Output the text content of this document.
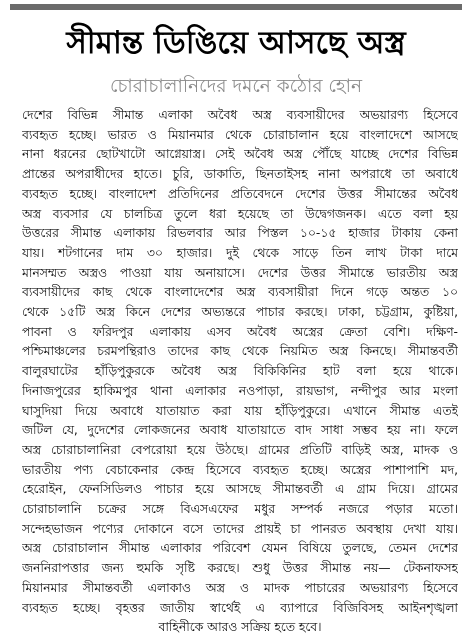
সীমান্ত ডিঙিয়ে আসছে অস্ত্র
চোরাচালানিদের দমনে কঠোর হোন
দেশের বিভিন্ন সীমান্ত এলাকা অবৈধ অস্ত্র ব্যবসায়ীদের অভয়ারণ্য হিসেবে
ব্যবহৃত হচ্ছে। ভারত ও মিয়ানমার থেকে চোরাচালান হয়ে বাংলাদেশে আসছে
নানা ধরনের ছোটখাটো আগ্নেয়াস্ত্র। সেই অবৈধ অস্ত্র পৌঁছে যাচ্ছে দেশের বিভিন্ন
প্রান্তের অপরাধীদের হাতে। চুরি, ডাকাতি, ছিনতাইসহ নানা অপরাধে তা অবাধে
ব্যবহৃত হচ্ছে। বাংলাদেশ প্রতিদিনের প্রতিবেদনে দেশের উত্তর সীমান্তের অবৈধ
অস্ত্র ব্যবসার যে চালচিত্র তুলে ধরা হয়েছে তা উদ্বেগজনক। এতে বলা হয়
উত্তরের সীমান্ত এলাকায় রিভলবার আর পিস্তল ১০-১৫ হাজার টাকায় কেনা
যায়। শটগানের দাম ৩০ হাজার। দুই থেকে সাড়ে তিন লাখ টাকা দামে
মানসম্মত অস্ত্রও পাওয়া যায় অনায়াসে। দেশের উত্তর সীমান্তে ভারতীয় অস্ত্র
ব্যবসায়ীদের কাছ থেকে বাংলাদেশের অস্ত্র ব্যবসায়ীরা দিনে গড়ে অন্তত ১০
থেকে ১৫টি অস্ত্র কিনে দেশের অভ্যন্তরে পাচার করছে। ঢাকা, চট্টগ্রাম, কুষ্টিয়া,
পাবনা ও ফরিদপুর এলাকায় এসব অবৈধ অস্ত্রের ক্রেতা বেশি। দক্ষিণ-
পশ্চিমাঞ্চলের চরমপন্থিরাও তাদের কাছ থেকে নিয়মিত অস্ত্র কিনছে। সীমান্তবর্তী
বালুরঘাটের হাঁড়িপুকুরকে অবৈধ অস্ত্র বিকিকিনির হাট বলা হয়ে থাকে।
দিনাজপুরের হাকিমপুর থানা এলাকার নওপাড়া, রায়ভাগ, নন্দীপুর আর মংলা
ঘাসুদিয়া দিয়ে অবাধে যাতায়াত করা যায় হাঁড়িপুকুরে। এখানে সীমান্ত এতই
জটিল যে, দুদেশের লোকজনের অবাধ যাতায়াতে বাদ সাধা সম্ভব হয় না। ফলে
অস্ত্র চোরাচালানিরা বেপরোয়া হয়ে উঠছে। গ্রামের প্রতিটি বাড়িই অস্ত্র, মাদক ও
ভারতীয় পণ্য বেচাকেনার কেন্দ্র হিসেবে ব্যবহৃত হচ্ছে। অস্ত্রের পাশাপাশি মদ,
হেরোইন, ফেনসিডিলও পাচার হয়ে আসছে সীমান্তবর্তী এ গ্রাম দিয়ে। গ্রামের
চোরাচালানি চক্রের সঙ্গে বিএসএফের মধুর সম্পর্ক নজরে পড়ার মতো।
সন্দেহভাজন পণ্যের দোকানে বসে তাদের প্রায়ই চা পানরত অবস্থায় দেখা যায়।
অস্ত্র চোরাচালান সীমান্ত এলাকার পরিবেশ যেমন বিষিয়ে তুলছে, তেমন দেশের
জননিরাপত্তার জন্য হুমকি সৃষ্টি করছে। শুধু উত্তর সীমান্ত নয়— টেকনাফসহ
মিয়ানমার সীমান্তবর্তী এলাকাও অস্ত্র ও মাদক পাচারের অভয়ারণ্য হিসেবে
ব্যবহৃত হচ্ছে। বৃহত্তর জাতীয় স্বার্থেই এ ব্যাপারে বিজিবিসহ আইনশৃঙ্খলা
বাহিনীকে আরও সক্রিয় হতে হবে।
